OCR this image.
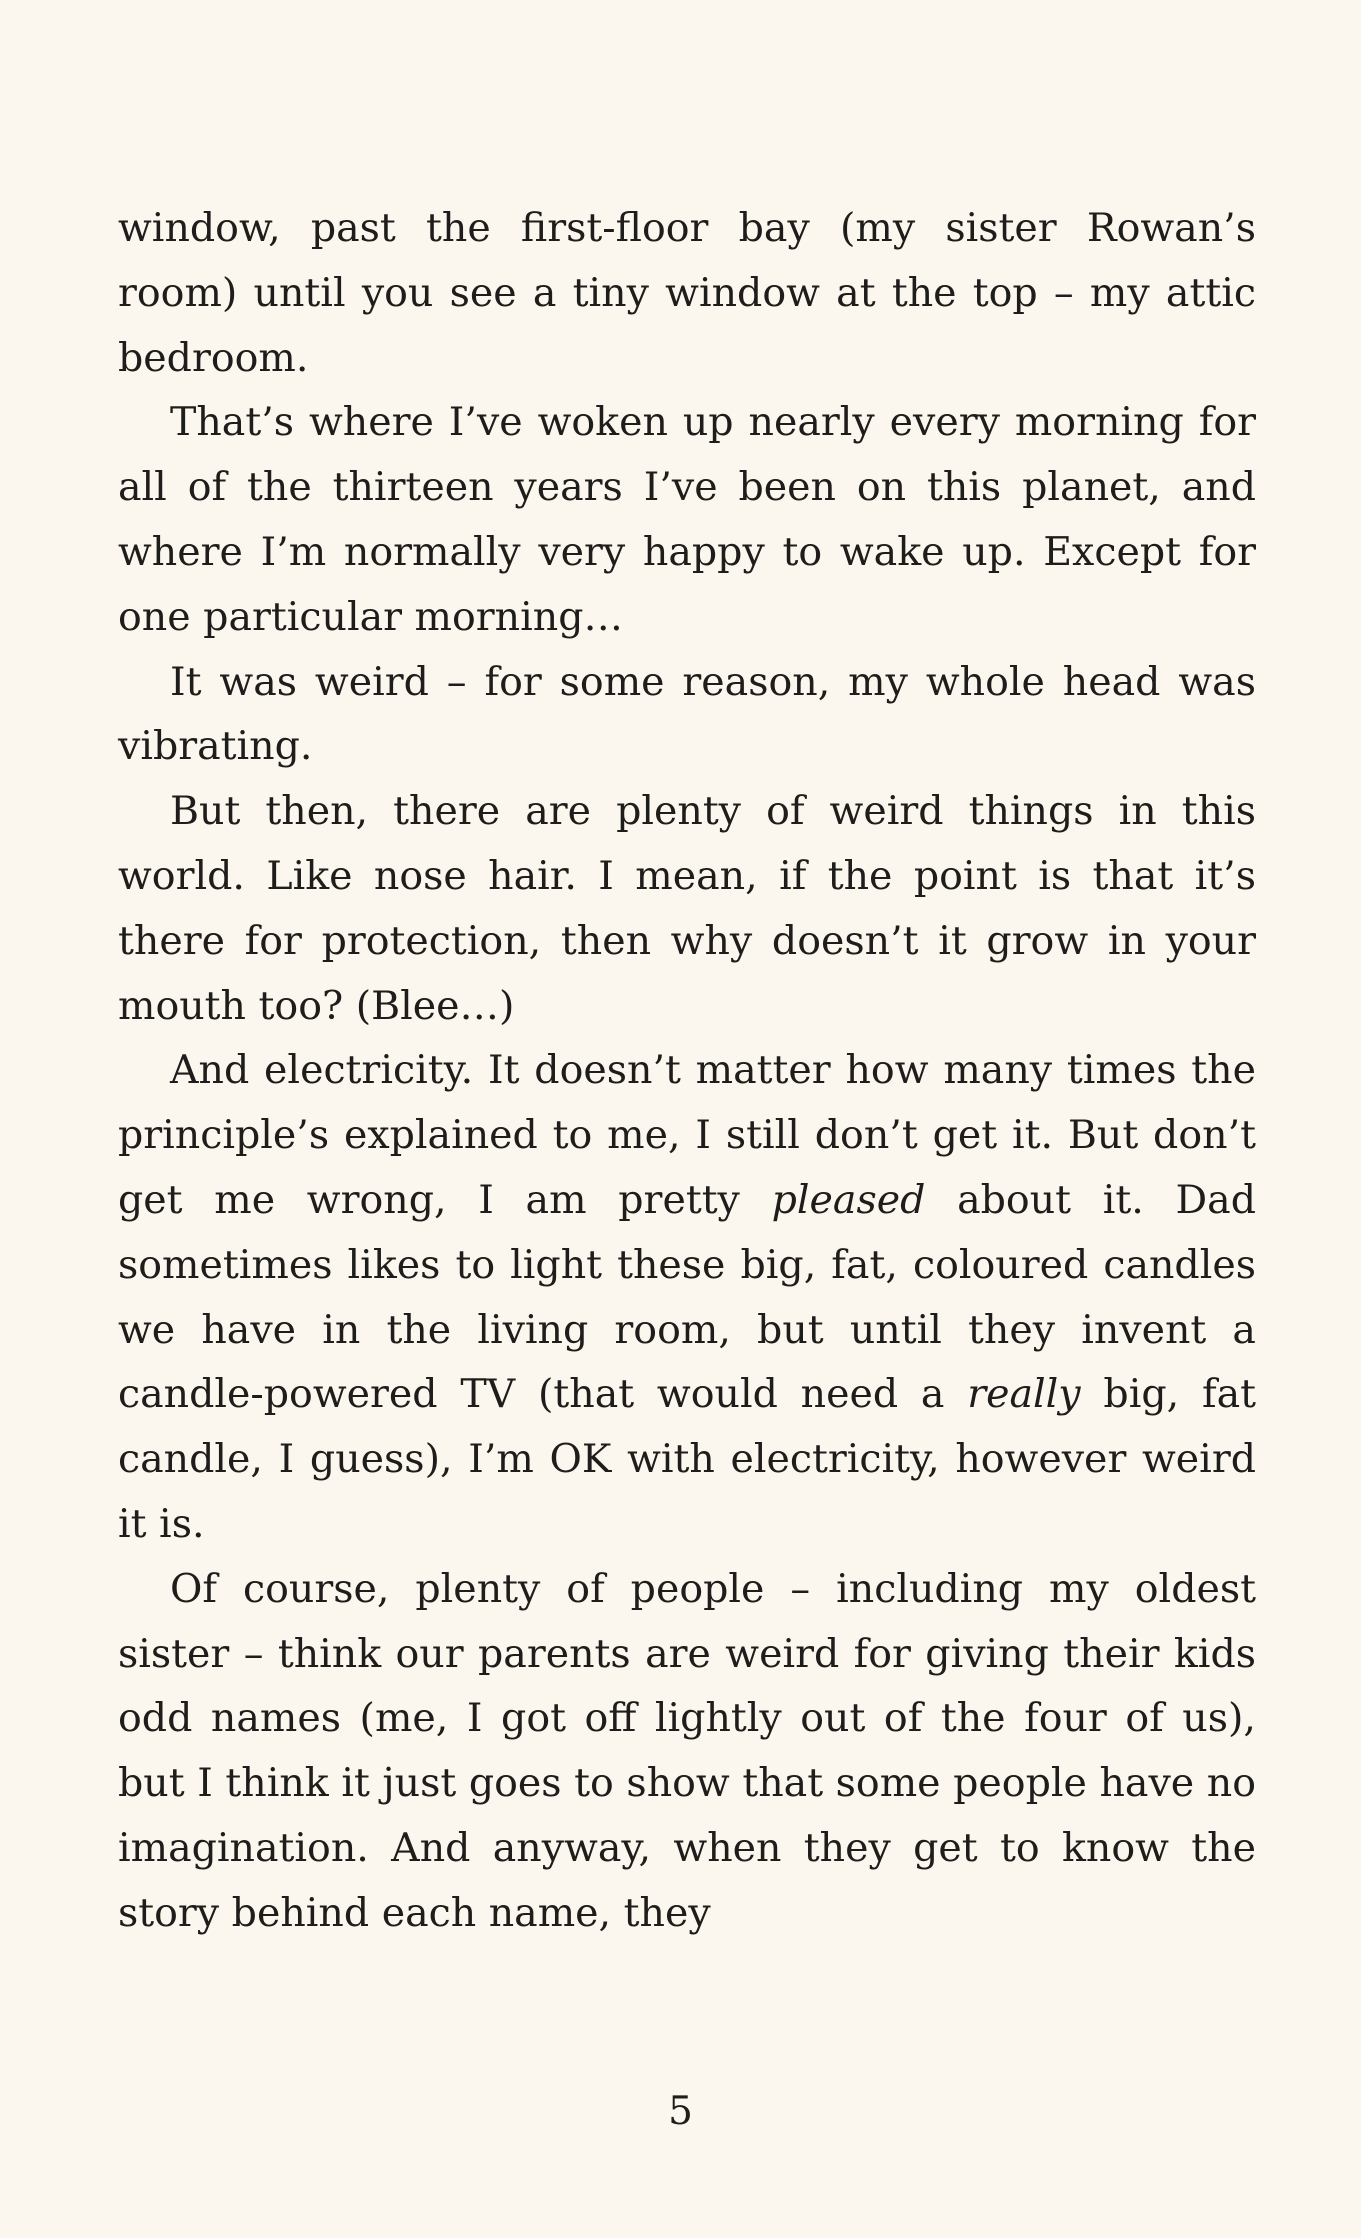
window, past the first-floor bay (my sister Rowan’s room) until you see a tiny window at the top – my attic bedroom.

That’s where I’ve woken up nearly every morning for all of the thirteen years I’ve been on this planet, and where I’m normally very happy to wake up. Except for one particular morning…

It was weird – for some reason, my whole head was vibrating.

But then, there are plenty of weird things in this world. Like nose hair. I mean, if the point is that it’s there for protection, then why doesn’t it grow in your mouth too? (Blee…)

And electricity. It doesn’t matter how many times the principle’s explained to me, I still don’t get it. But don’t get me wrong, I am pretty pleased about it. Dad sometimes likes to light these big, fat, coloured candles we have in the living room, but until they invent a candle-powered TV (that would need a really big, fat candle, I guess), I’m OK with electricity, however weird it is.

Of course, plenty of people – including my oldest sister – think our parents are weird for giving their kids odd names (me, I got off lightly out of the four of us), but I think it just goes to show that some people have no imagination. And anyway, when they get to know the story behind each name, they

5
